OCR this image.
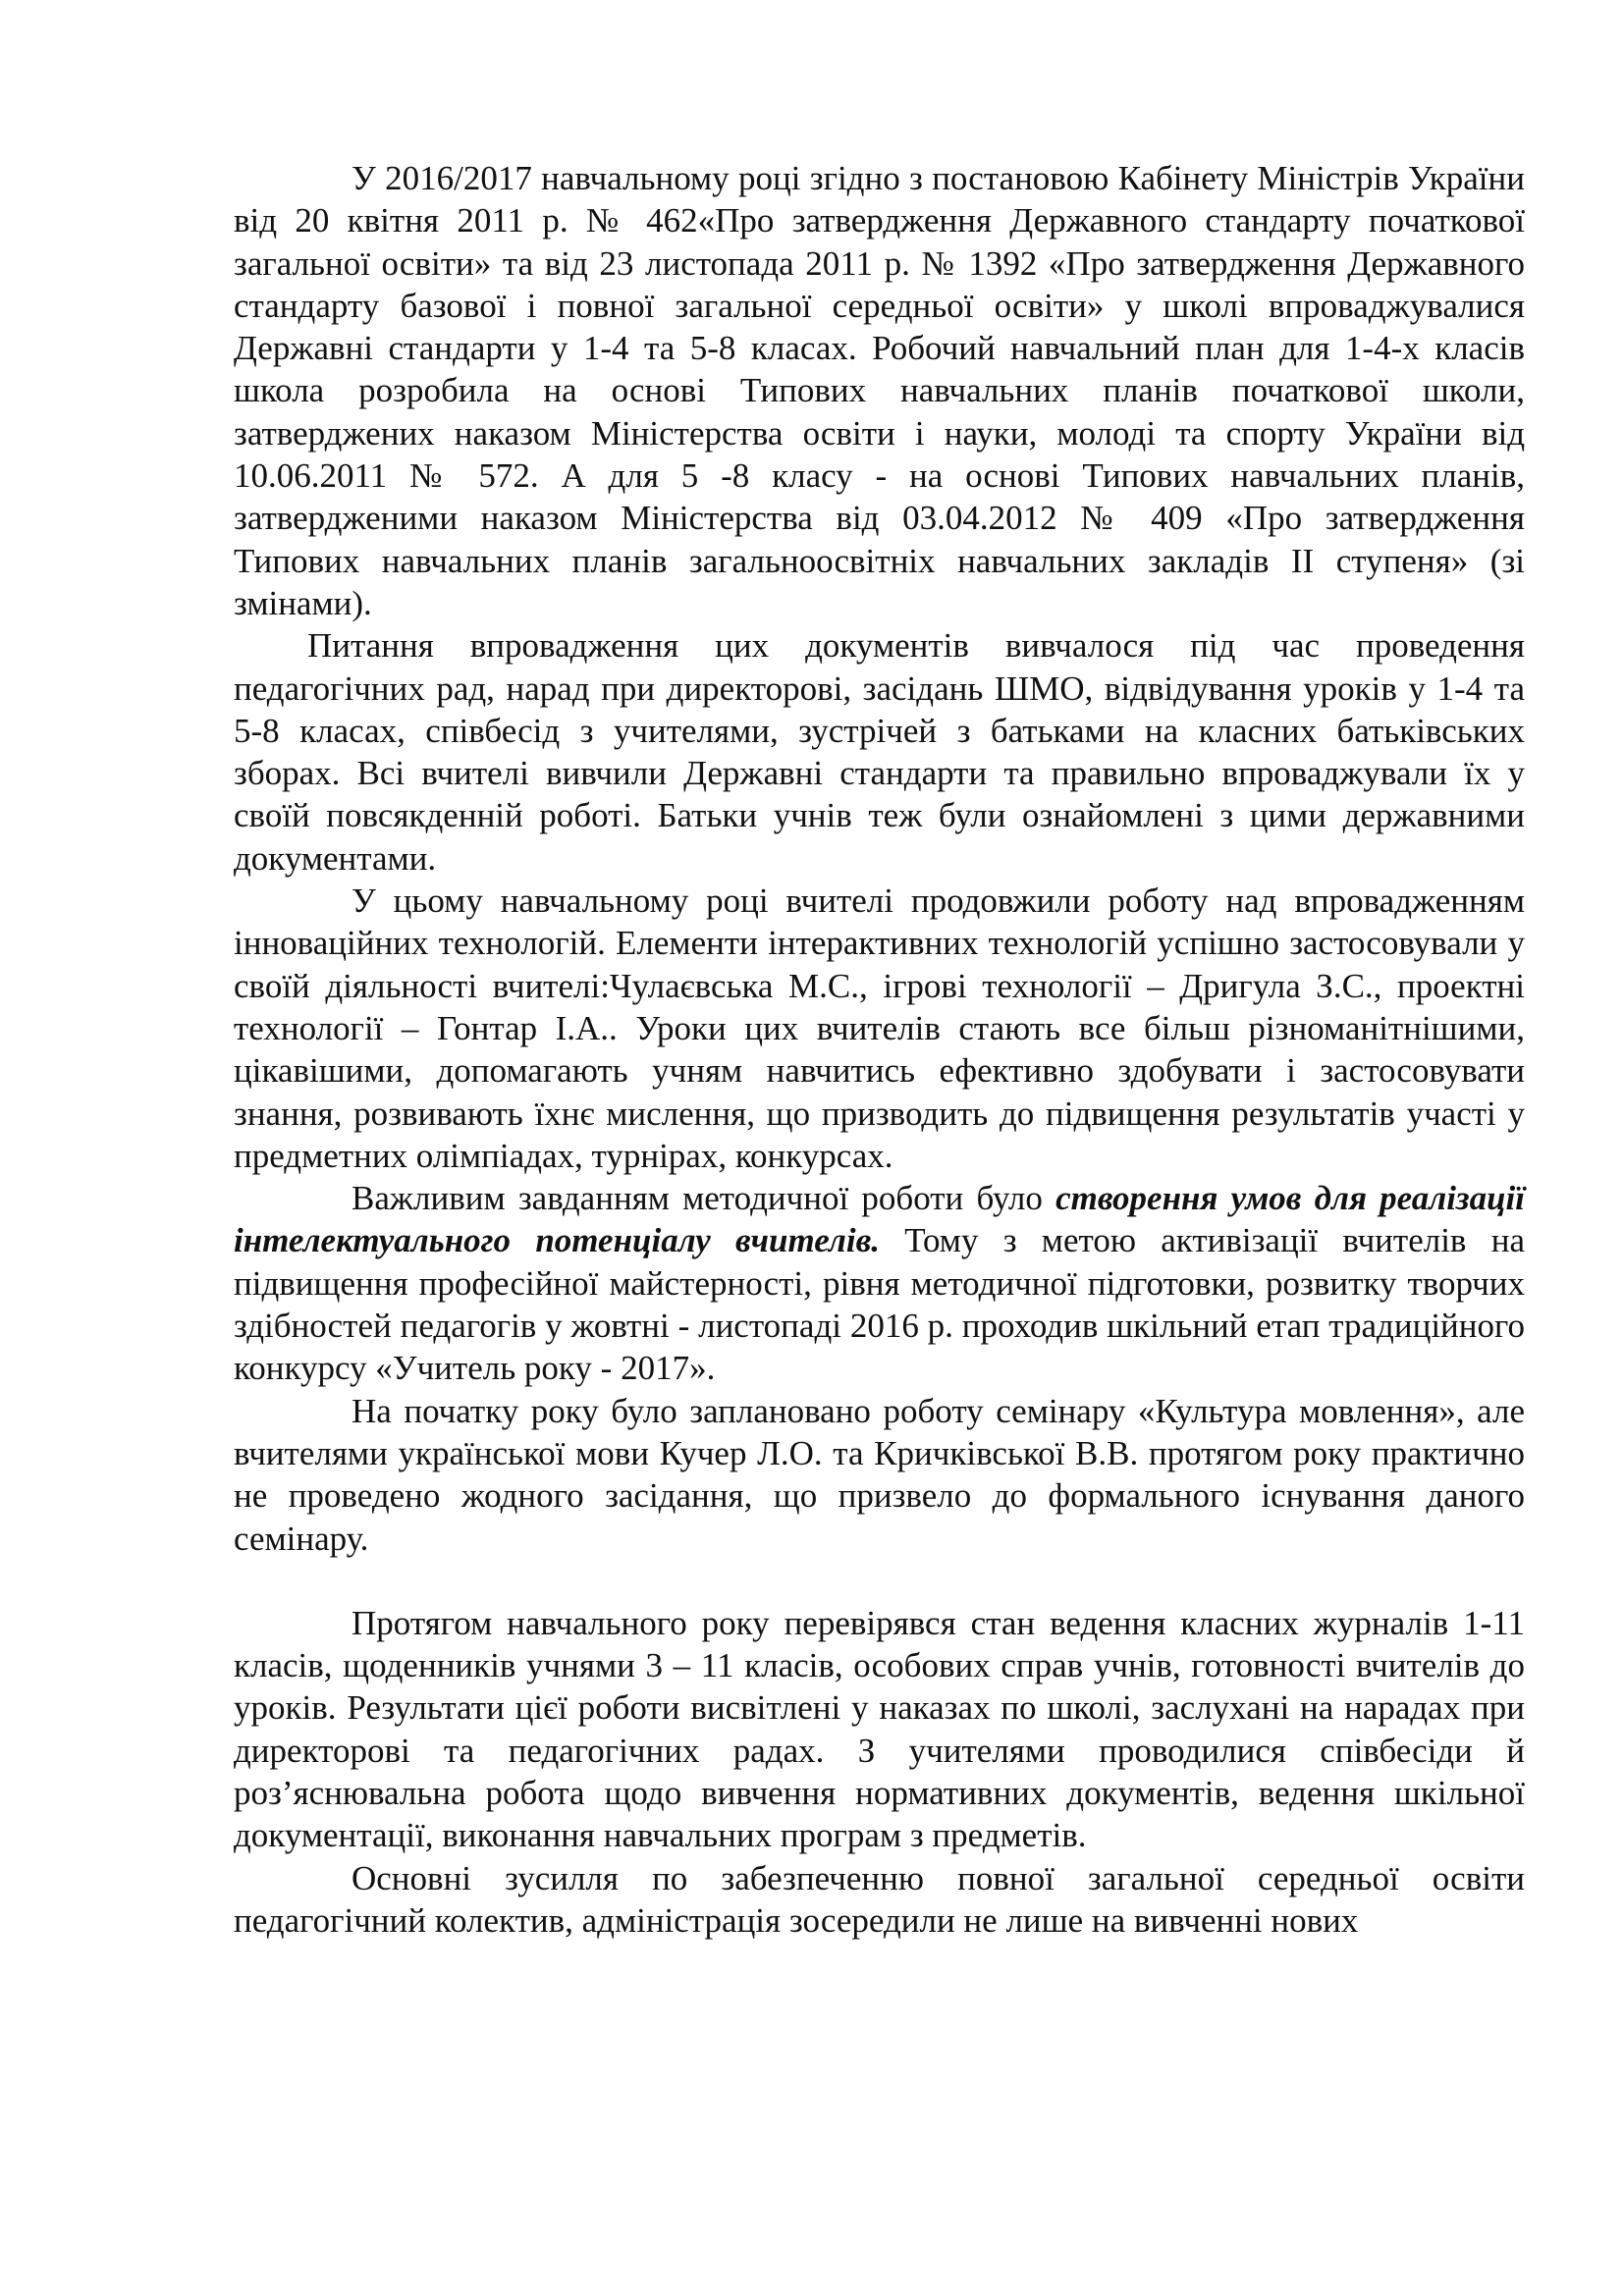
У 2016/2017 навчальному році згідно з постановою Кабінету Міністрів України від 20 квітня 2011 р. № 462«Про затвердження Державного стандарту початкової загальної освіти» та від 23 листопада 2011 р. № 1392 «Про затвердження Державного стандарту базової і повної загальної середньої освіти» у школі впроваджувалися Державні стандарти у 1-4 та 5-8 класах. Робочий навчальний план для 1-4-х класів школа розробила на основі Типових навчальних планів початкової школи, затверджених наказом Міністерства освіти і науки, молоді та спорту України від 10.06.2011 № 572. А для 5 -8 класу - на основі Типових навчальних планів, затвердженими наказом Міністерства від 03.04.2012 № 409 «Про затвердження Типових навчальних планів загальноосвітніх навчальних закладів ІІ ступеня» (зі змінами).

Питання впровадження цих документів вивчалося під час проведення педагогічних рад, нарад при директорові, засідань ШМО, відвідування уроків у 1-4 та 5-8 класах, співбесід з учителями, зустрічей з батьками на класних батьківських зборах. Всі вчителі вивчили Державні стандарти та правильно впроваджували їх у своїй повсякденній роботі. Батьки учнів теж були ознайомлені з цими державними документами.

У цьому навчальному році вчителі продовжили роботу над впровадженням інноваційних технологій. Елементи інтерактивних технологій успішно застосовували у своїй діяльності вчителі:Чулаєвська М.С., ігрові технології – Дригула З.С., проектні технології – Гонтар І.А.. Уроки цих вчителів стають все більш різноманітнішими, цікавішими, допомагають учням навчитись ефективно здобувати і застосовувати знання, розвивають їхнє мислення, що призводить до підвищення результатів участі у предметних олімпіадах, турнірах, конкурсах.

Важливим завданням методичної роботи було створення умов для реалізації інтелектуального потенціалу вчителів. Тому з метою активізації вчителів на підвищення професійної майстерності, рівня методичної підготовки, розвитку творчих здібностей педагогів у жовтні - листопаді 2016 р. проходив шкільний етап традиційного конкурсу «Учитель року - 2017».

На початку року було заплановано роботу семінару «Культура мовлення», але вчителями української мови Кучер Л.О. та Кричківської В.В. протягом року практично не проведено жодного засідання, що призвело до формального існування даного семінару.

Протягом навчального року перевірявся стан ведення класних журналів 1-11 класів, щоденників учнями 3 – 11 класів, особових справ учнів, готовності вчителів до уроків. Результати цієї роботи висвітлені у наказах по школі, заслухані на нарадах при директорові та педагогічних радах. З учителями проводилися співбесіди й роз’яснювальна робота щодо вивчення нормативних документів, ведення шкільної документації, виконання навчальних програм з предметів.

Основні зусилля по забезпеченню повної загальної середньої освіти педагогічний колектив, адміністрація зосередили не лише на вивченні нових
